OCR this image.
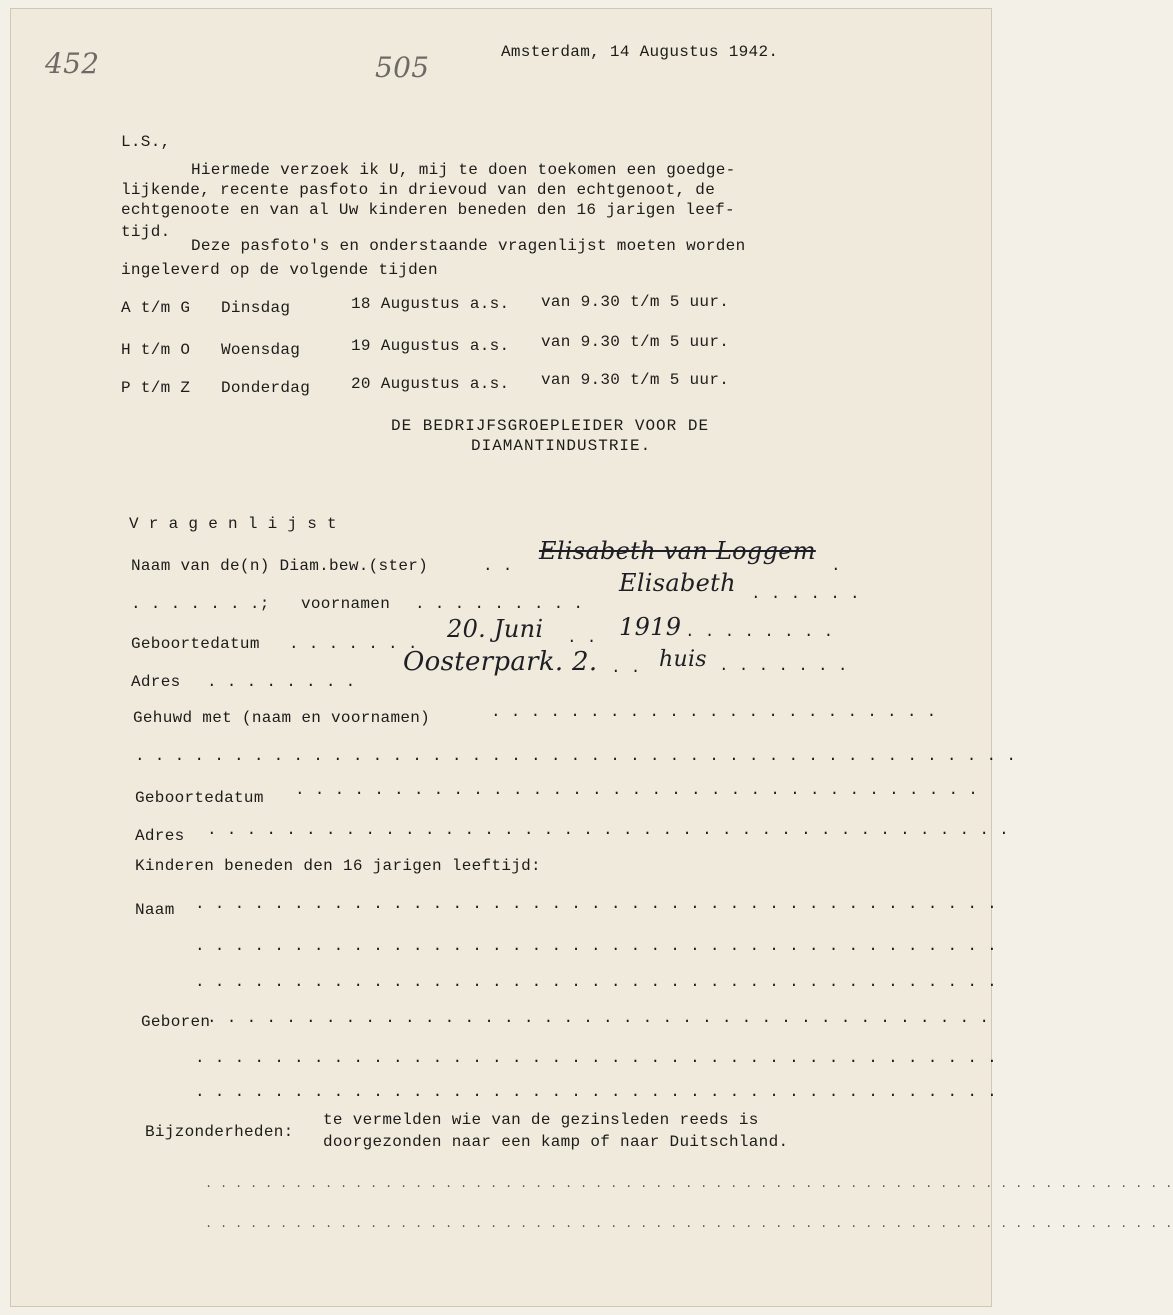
452	505	Amsterdam, 14 Augustus 1942.
L.S.,
Hiermede verzoek ik U, mij te doen toekomen een goedge-
lijkende, recente pasfoto in drievoud van den echtgenoot, de
echtgenoote en van al Uw kinderen beneden den 16 jarigen leef-
tijd.
Deze pasfoto's en onderstaande vragenlijst moeten worden
ingeleverd op de volgende tijden
A t/m G Dinsdag	18 Augustus a.s. van 9.30 t/m 5 uur.
H t/m O Woensdag	19 Augustus a.s. van 9.30 t/m 5 uur.
P t/m Z Donderdag	20 Augustus a.s. van 9.30 t/m 5 uur.
DE BEDRIJFSGROEPLEIDER VOOR DE
DIAMANTINDUSTRIE.
V r a g e n l i j s t
Naam van de(n) Diam.bew.(ster)	. .
Elisabeth van Loggem
.
. . . . . . .; voornamen . . . . . . . . .
Elisabeth . . . . . .
Geboortedatum . . . . . . .
20. Juni . . 1919 . . . . . . . .
Adres . . . . . . . .
Oosterpark. 2. . . huis . . . . . . .
Gehuwd met (naam en voornamen)	. . . . . . . . . . . . . . . . . . . . . . .
. . . . . . . . . . . . . . . . . . . . . . . . . . . . . . . . . . . . . . . . . . . . .
Geboortedatum . . . . . . . . . . . . . . . . . . . . . . . . . . . . . . . . . . .
Adres . . . . . . . . . . . . . . . . . . . . . . . . . . . . . . . . . . . . . . . . .
Kinderen beneden den 16 jarigen leeftijd:
Naam . . . . . . . . . . . . . . . . . . . . . . . . . . . . . . . . . . . . . . . . .
. . . . . . . . . . . . . . . . . . . . . . . . . . . . . . . . . . . . . . . . .
. . . . . . . . . . . . . . . . . . . . . . . . . . . . . . . . . . . . . . . . .
Geboren
. . . . . . . . . . . . . . . . . . . . . . . . . . . . . . . . . . . . . . . .
. . . . . . . . . . . . . . . . . . . . . . . . . . . . . . . . . . . . . . . . .
. . . . . . . . . . . . . . . . . . . . . . . . . . . . . . . . . . . . . . . . .
Bijzonderheden:
te vermelden wie van de gezinsleden reeds is
doorgezonden naar een kamp of naar Duitschland.
. . . . . . . . . . . . . . . . . . . . . . . . . . . . . . . . . . . . . . . . . . . . . . . . . . . . . . . . . . . . . . . . .
. . . . . . . . . . . . . . . . . . . . . . . . . . . . . . . . . . . . . . . . . . . . . . . . . . . . . . . . . . . . . . . . .
